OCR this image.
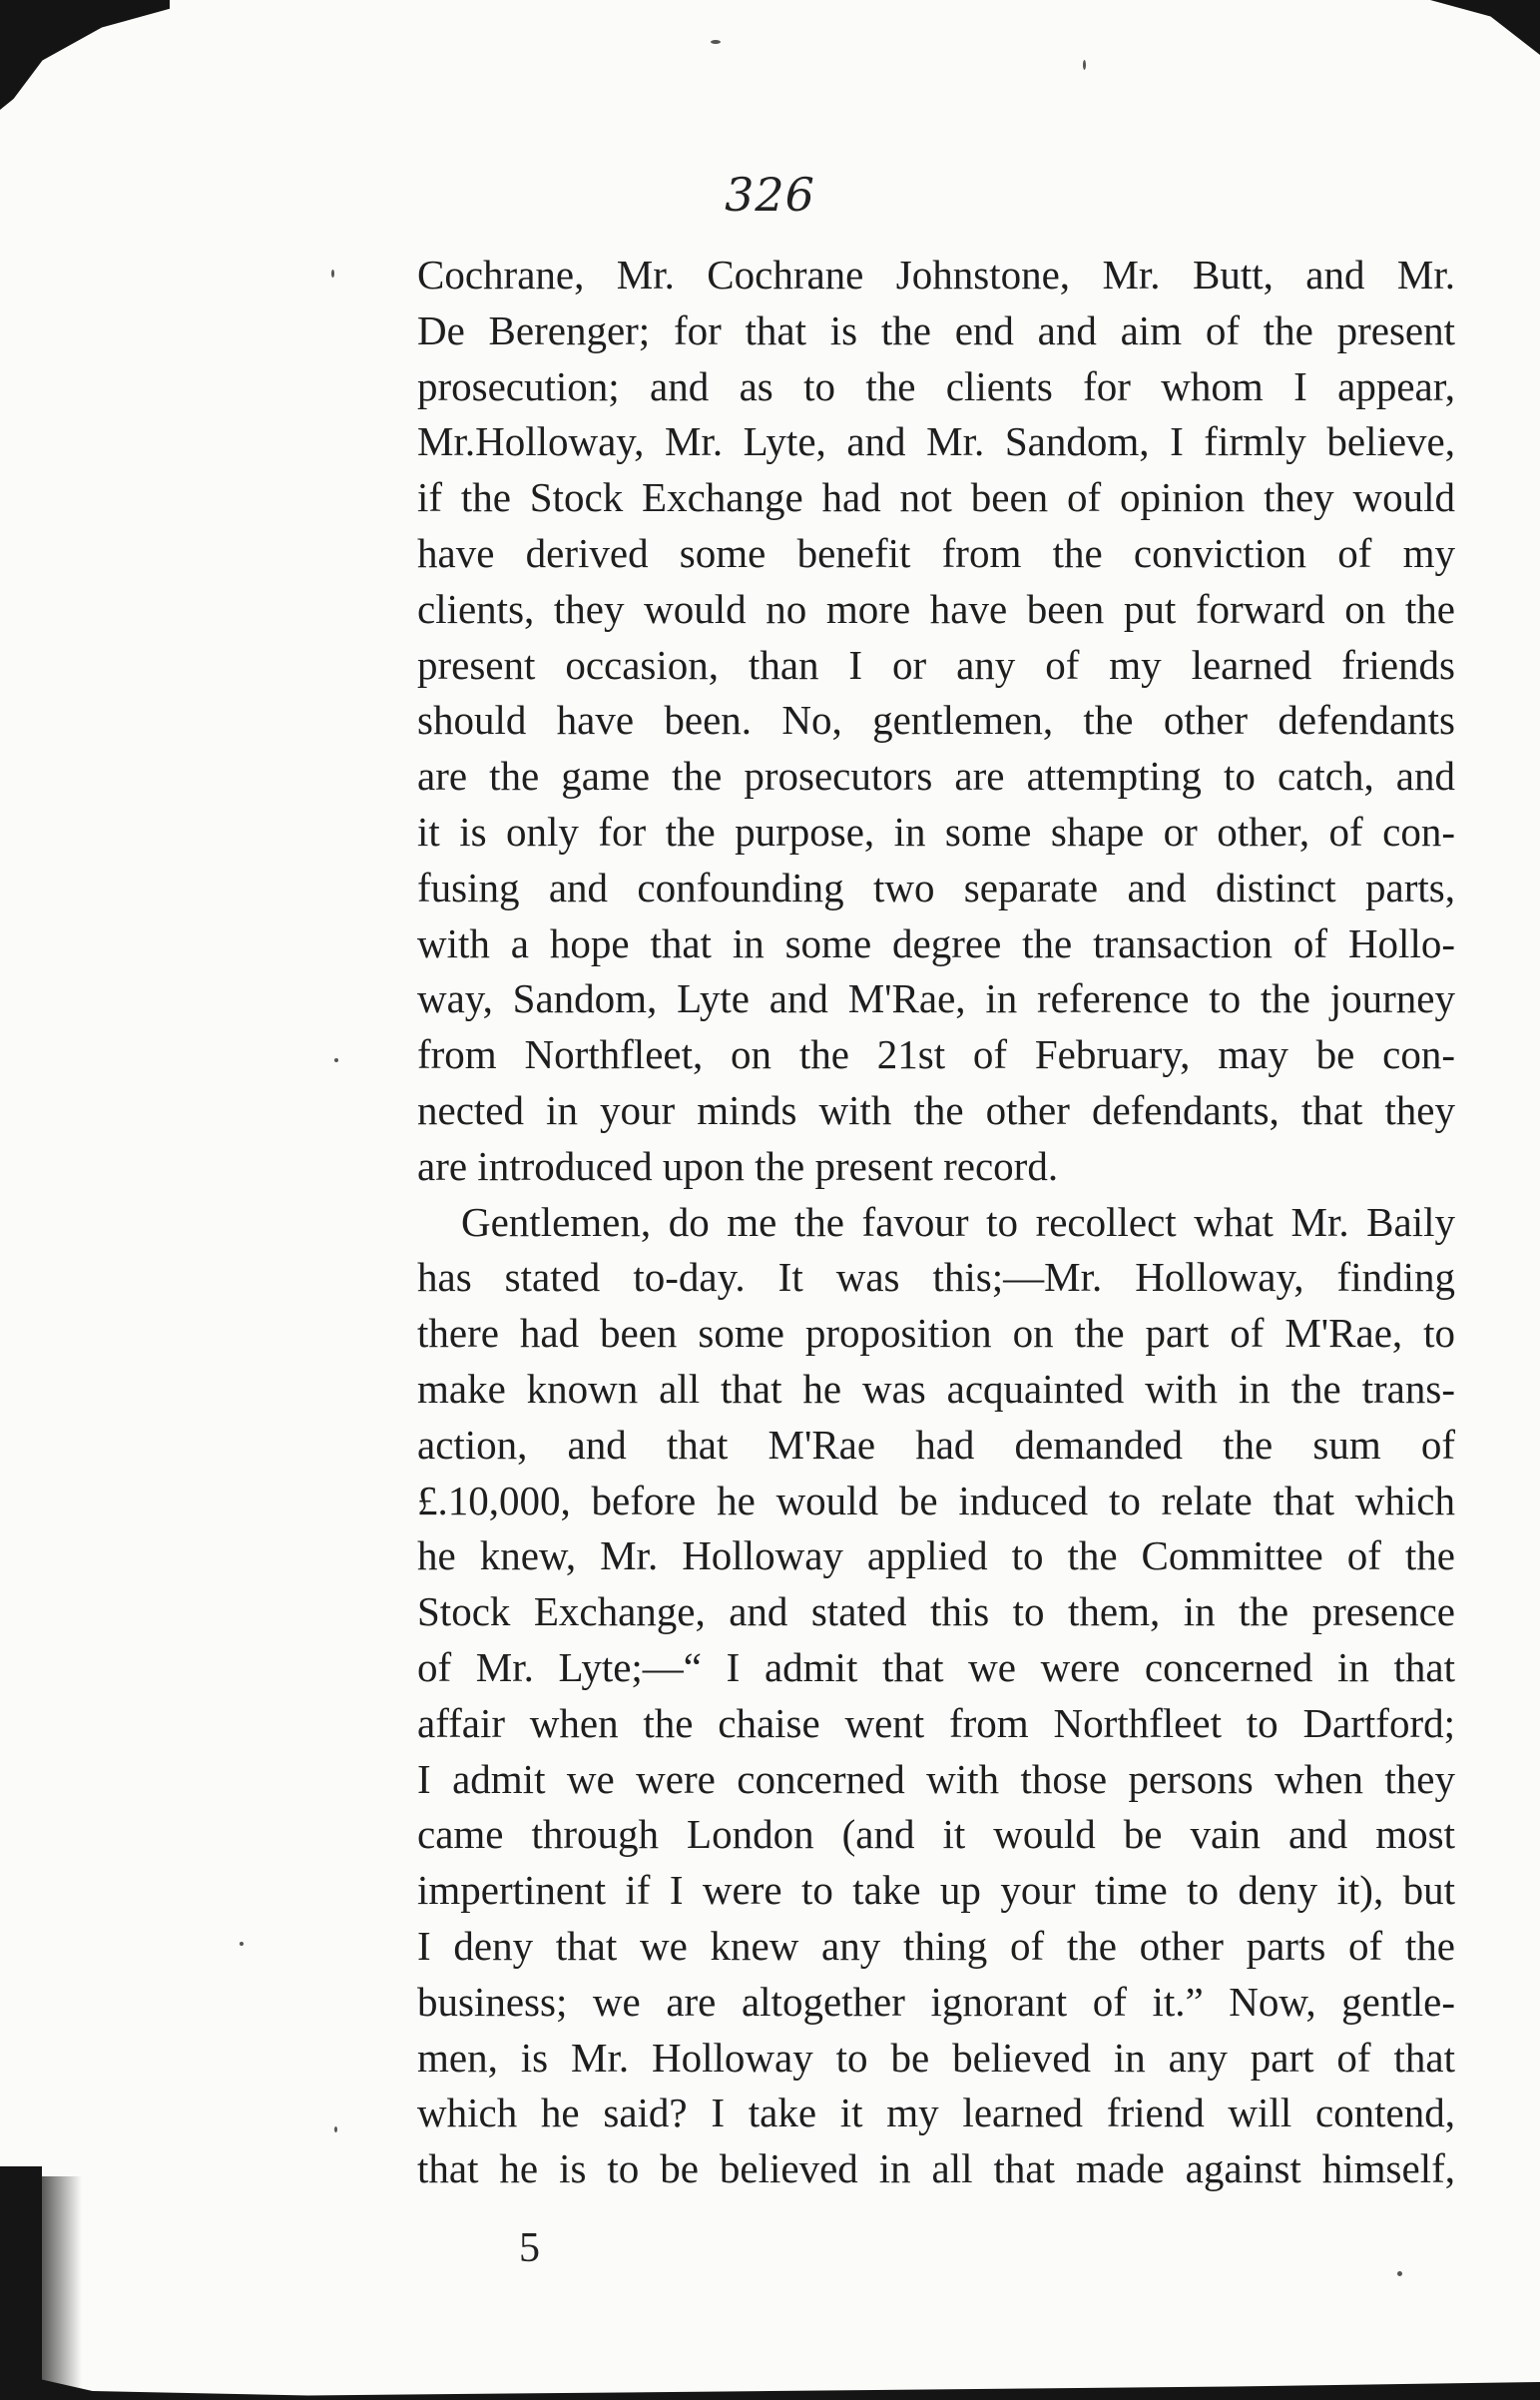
326
Cochrane, Mr. Cochrane Johnstone, Mr. Butt, and Mr.
De Berenger; for that is the end and aim of the present
prosecution; and as to the clients for whom I appear,
Mr.Holloway, Mr. Lyte, and Mr. Sandom, I firmly believe,
if the Stock Exchange had not been of opinion they would
have derived some benefit from the conviction of my
clients, they would no more have been put forward on the
present occasion, than I or any of my learned friends
should have been. No, gentlemen, the other defendants
are the game the prosecutors are attempting to catch, and
it is only for the purpose, in some shape or other, of con-
fusing and confounding two separate and distinct parts,
with a hope that in some degree the transaction of Hollo-
way, Sandom, Lyte and M'Rae, in reference to the journey
from Northfleet, on the 21st of February, may be con-
nected in your minds with the other defendants, that they
are introduced upon the present record.
Gentlemen, do me the favour to recollect what Mr. Baily
has stated to-day. It was this;—Mr. Holloway, finding
there had been some proposition on the part of M'Rae, to
make known all that he was acquainted with in the trans-
action, and that M'Rae had demanded the sum of
£.10,000, before he would be induced to relate that which
he knew, Mr. Holloway applied to the Committee of the
Stock Exchange, and stated this to them, in the presence
of Mr. Lyte;—“ I admit that we were concerned in that
affair when the chaise went from Northfleet to Dartford;
I admit we were concerned with those persons when they
came through London (and it would be vain and most
impertinent if I were to take up your time to deny it), but
I deny that we knew any thing of the other parts of the
business; we are altogether ignorant of it.” Now, gentle-
men, is Mr. Holloway to be believed in any part of that
which he said? I take it my learned friend will contend,
that he is to be believed in all that made against himself,
5
